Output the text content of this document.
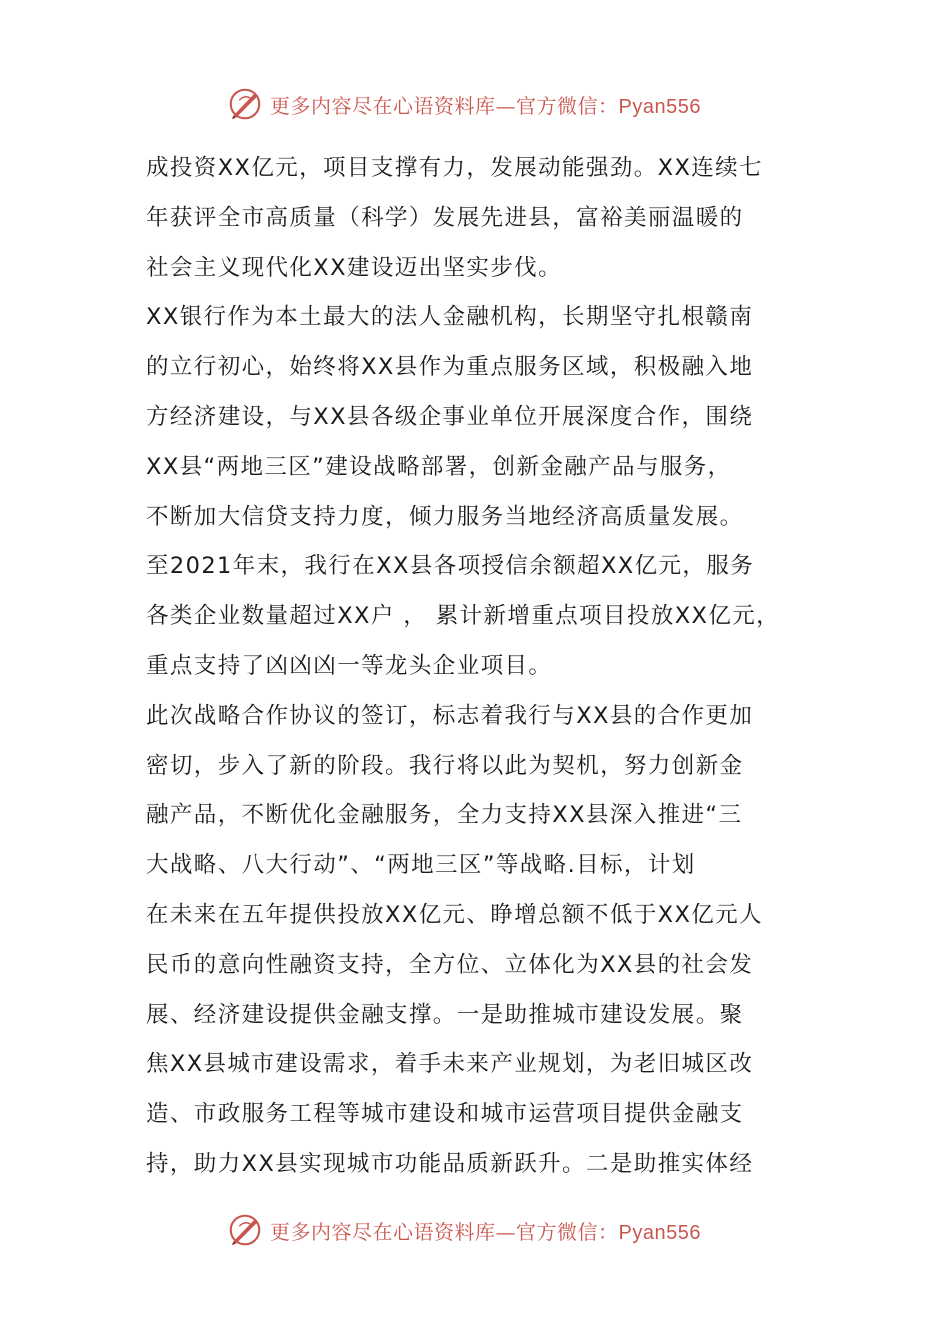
更多内容尽在心语资料库—官方微信：Pyan556
成投资XX亿元，项目支撑有力，发展动能强劲。XX连续七
年获评全市高质量（科学）发展先进县，富裕美丽温暖的
社会主义现代化XX建设迈出坚实步伐。
XX银行作为本土最大的法人金融机构，长期坚守扎根赣南
的立行初心，始终将XX县作为重点服务区域，积极融入地
方经济建设，与XX县各级企事业单位开展深度合作，围绕
XX县“两地三区”建设战略部署，创新金融产品与服务，
不断加大信贷支持力度，倾力服务当地经济高质量发展。
至2021年末，我行在XX县各项授信余额超XX亿元，服务
各类企业数量超过XX户 ， 累计新增重点项目投放XX亿元，
重点支持了凶凶凶一等龙头企业项目。
此次战略合作协议的签订，标志着我行与XX县的合作更加
密切，步入了新的阶段。我行将以此为契机，努力创新金
融产品，不断优化金融服务，全力支持XX县深入推进“三
大战略、八大行动”、“两地三区”等战略.目标，计划
在未来在五年提供投放XX亿元、睁增总额不低于XX亿元人
民币的意向性融资支持，全方位、立体化为XX县的社会发
展、经济建设提供金融支撑。一是助推城市建设发展。聚
焦XX县城市建设需求，着手未来产业规划，为老旧城区改
造、市政服务工程等城市建设和城市运营项目提供金融支
持，助力XX县实现城市功能品质新跃升。二是助推实体经
更多内容尽在心语资料库—官方微信：Pyan556
